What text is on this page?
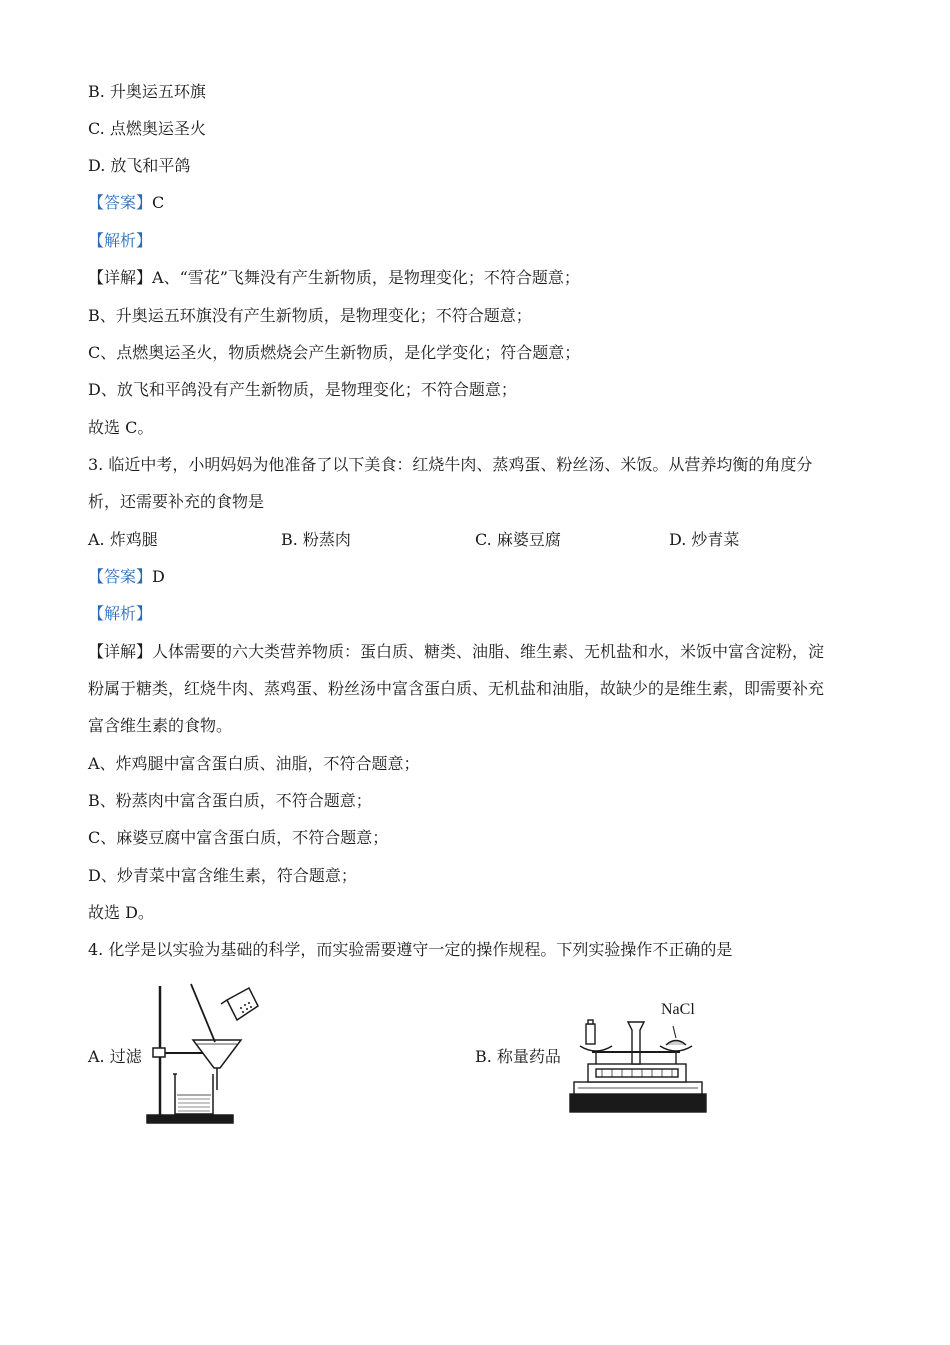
B. 升奥运五环旗
C. 点燃奥运圣火
D. 放飞和平鸽
【答案】C
【解析】
【详解】A、“雪花”飞舞没有产生新物质，是物理变化；不符合题意；
B、升奥运五环旗没有产生新物质，是物理变化；不符合题意；
C、点燃奥运圣火，物质燃烧会产生新物质，是化学变化；符合题意；
D、放飞和平鸽没有产生新物质，是物理变化；不符合题意；
故选 C。
3. 临近中考，小明妈妈为他准备了以下美食：红烧牛肉、蒸鸡蛋、粉丝汤、米饭。从营养均衡的角度分
析，还需要补充的食物是
A. 炸鸡腿	B. 粉蒸肉	C. 麻婆豆腐	D. 炒青菜
【答案】D
【解析】
【详解】人体需要的六大类营养物质：蛋白质、糖类、油脂、维生素、无机盐和水，米饭中富含淀粉，淀
粉属于糖类，红烧牛肉、蒸鸡蛋、粉丝汤中富含蛋白质、无机盐和油脂，故缺少的是维生素，即需要补充
富含维生素的食物。
A、炸鸡腿中富含蛋白质、油脂，不符合题意；
B、粉蒸肉中富含蛋白质，不符合题意；
C、麻婆豆腐中富含蛋白质，不符合题意；
D、炒青菜中富含维生素，符合题意；
故选 D。
4. 化学是以实验为基础的科学，而实验需要遵守一定的操作规程。下列实验操作不正确的是
A. 过滤	B. 称量药品
NaCl
